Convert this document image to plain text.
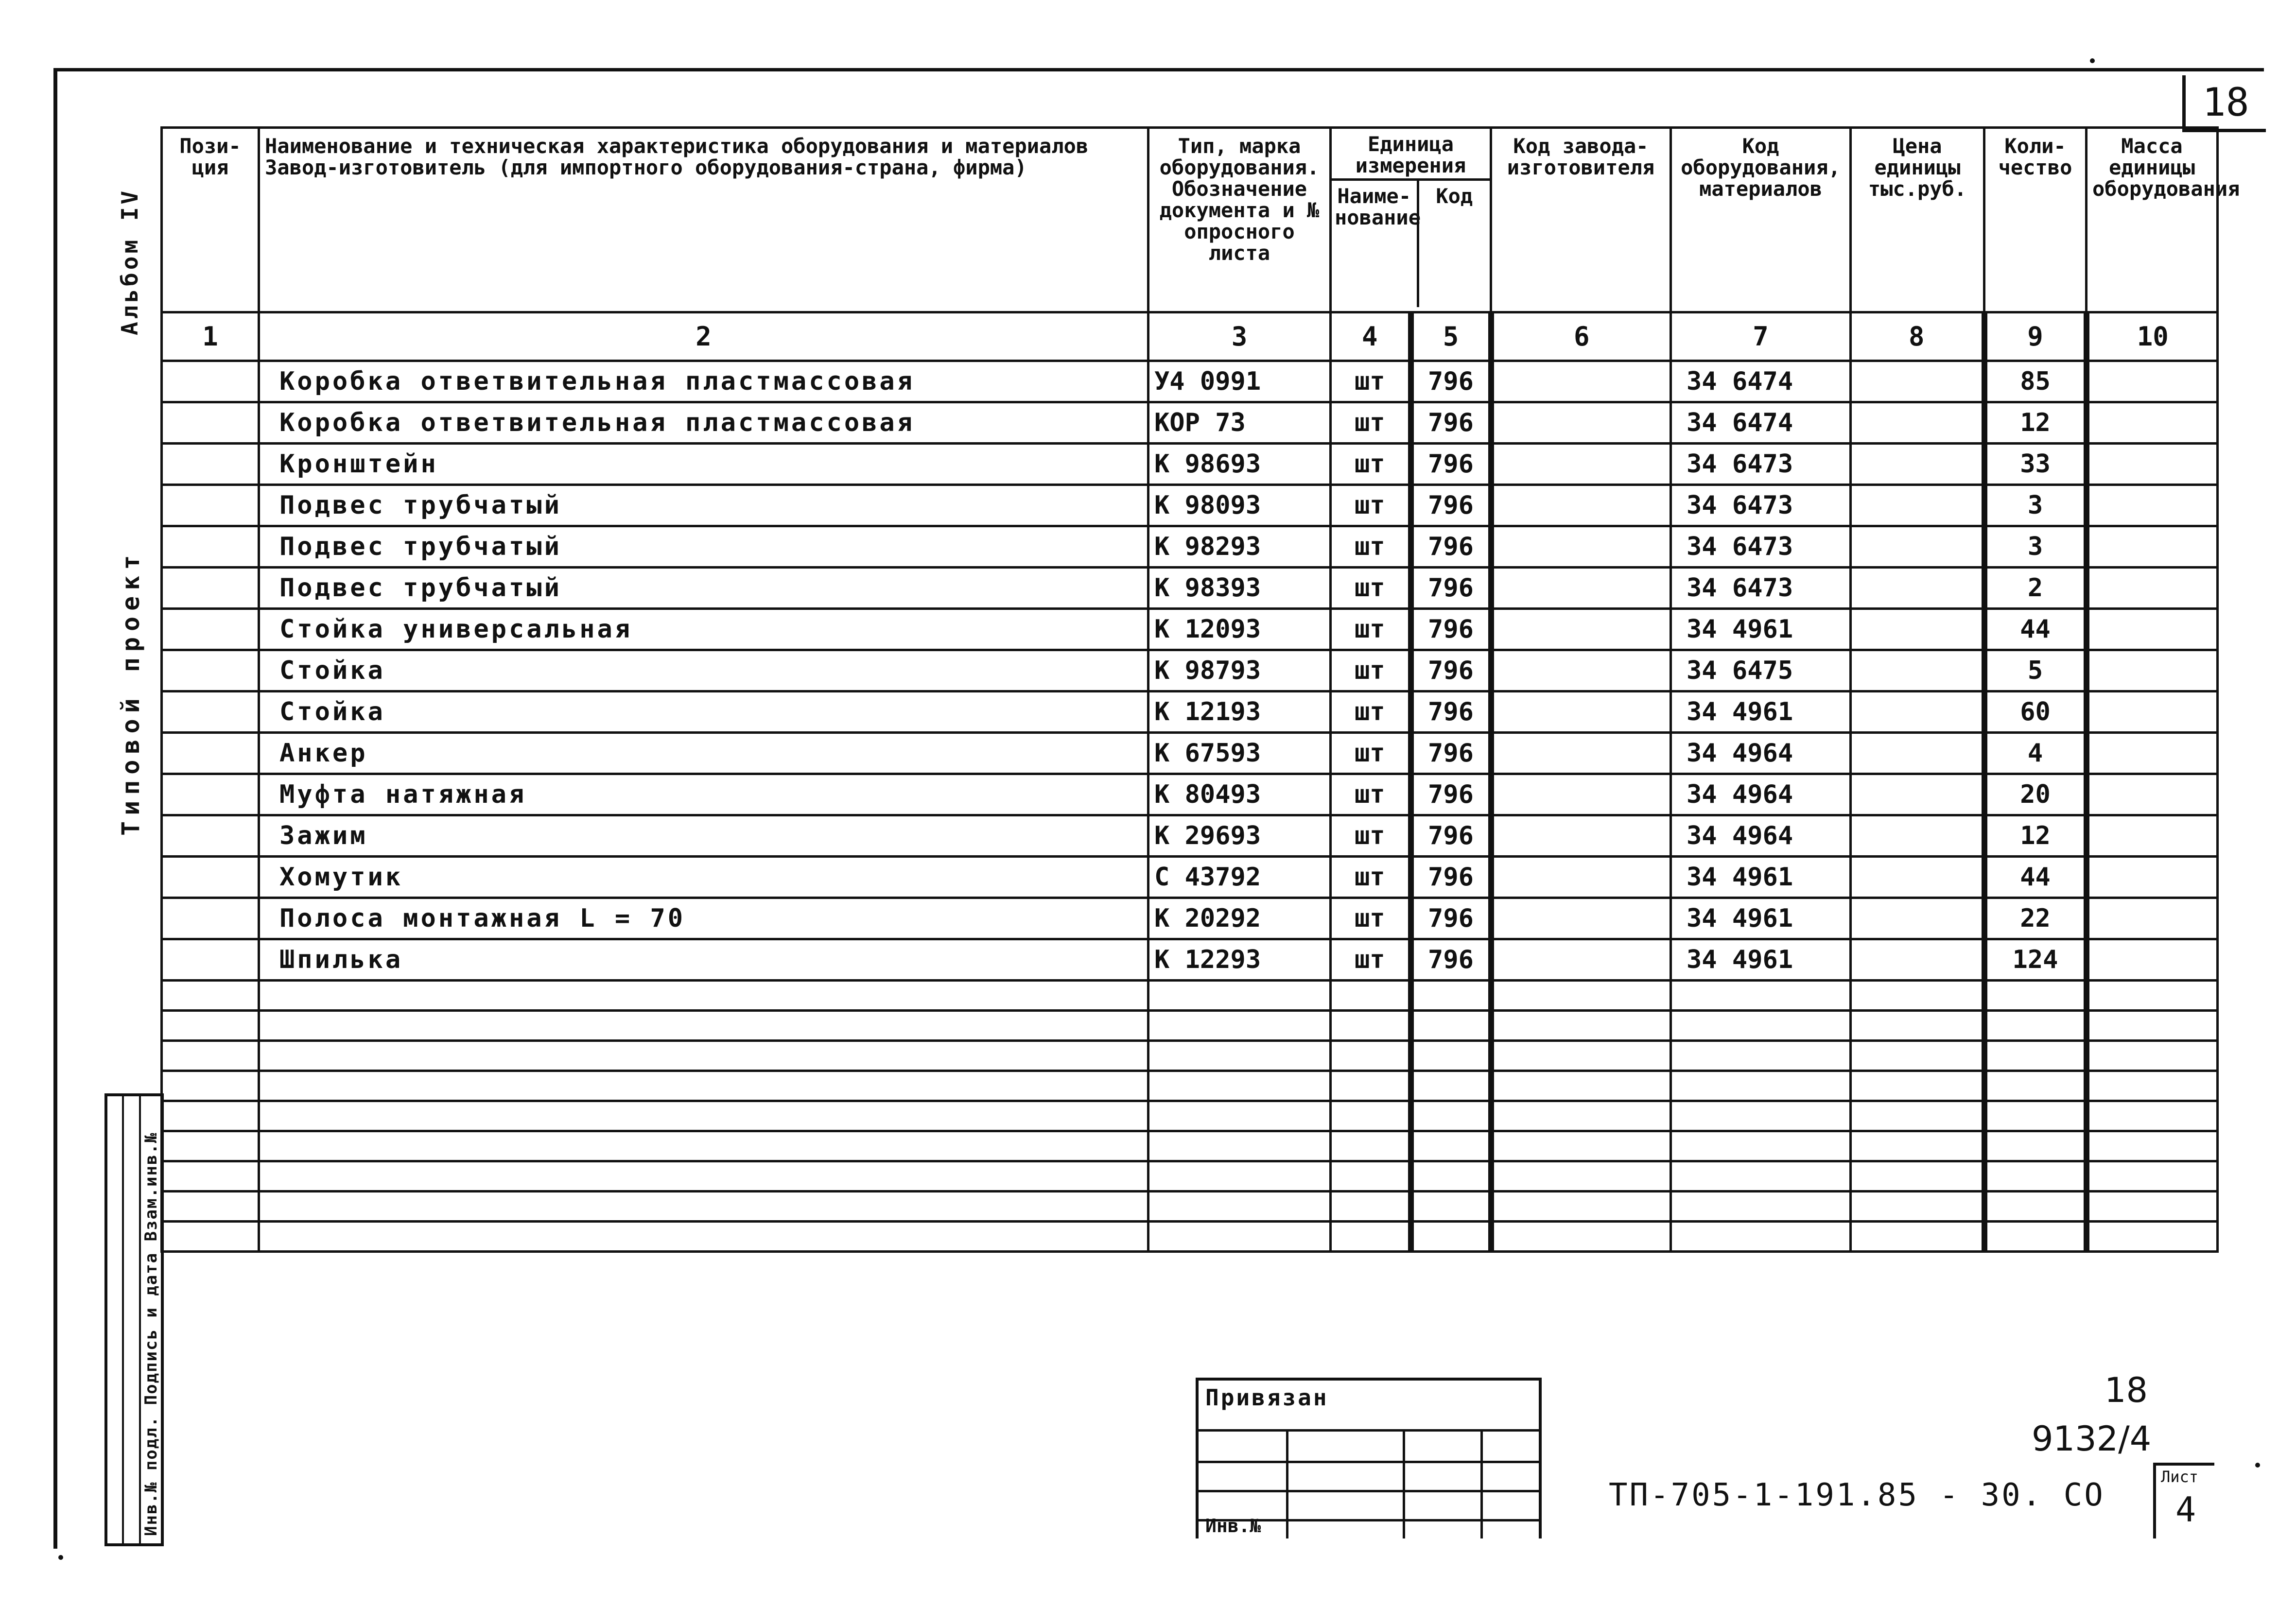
18
Альбом IV
Типовой проект
Инв.№ подл. Подпись и дата Взам.инв.№
Пози-ция	Наименование и техническая характеристика оборудования и материалов Завод-изготовитель (для импортного оборудования-страна, фирма)	Тип, марка оборудования. Обозначение документа и № опросного листа	Единица измерения
Наиме-нование
Код		Код завода-изготовителя	Код оборудования, материалов	Цена единицы тыс.руб.	Коли-чество	Масса единицы оборудования
1	2	3	4	5	6	7	8	9	10
	Коробка ответвительная пластмассовая	У4 0991	шт	796		34 6474		85	
	Коробка ответвительная пластмассовая	КОР 73	шт	796		34 6474		12	
	Кронштейн	К 98693	шт	796		34 6473		33	
	Подвес трубчатый	К 98093	шт	796		34 6473		3	
	Подвес трубчатый	К 98293	шт	796		34 6473		3	
	Подвес трубчатый	К 98393	шт	796		34 6473		2	
	Стойка универсальная	К 12093	шт	796		34 4961		44	
	Стойка	К 98793	шт	796		34 6475		5	
	Стойка	К 12193	шт	796		34 4961		60	
	Анкер	К 67593	шт	796		34 4964		4	
	Муфта натяжная	К 80493	шт	796		34 4964		20	
	Зажим	К 29693	шт	796		34 4964		12	
	Хомутик	С 43792	шт	796		34 4961		44	
	Полоса монтажная L = 70	К 20292	шт	796		34 4961		22	
	Шпилька	К 12293	шт	796		34 4961		124	

Привязан
Инв.№
18
9132/4
ТП-705-1-191.85 - 30. СО
Лист
4
